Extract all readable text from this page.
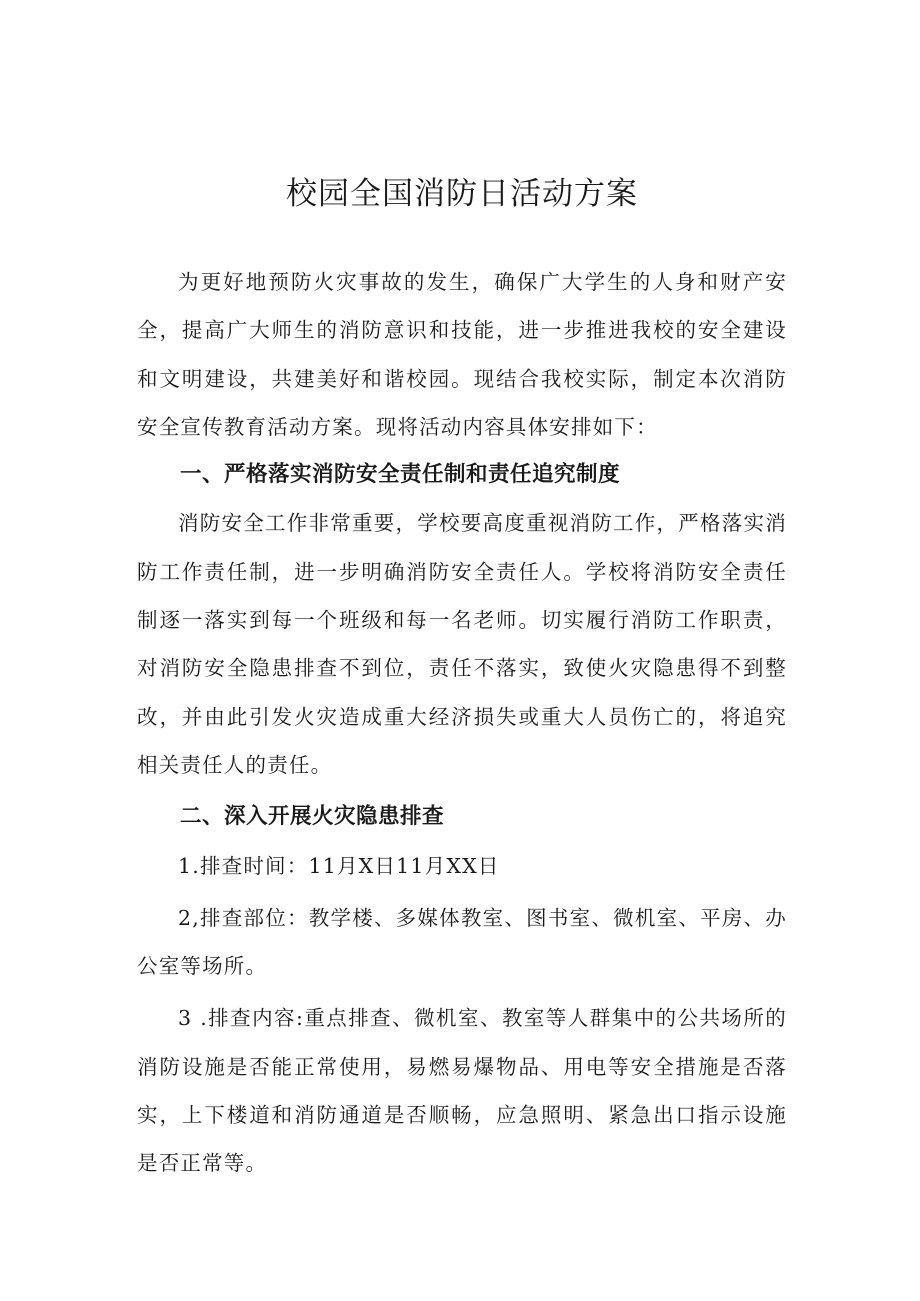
校园全国消防日活动方案

为更好地预防火灾事故的发生，确保广大学生的人身和财产安全，提高广大师生的消防意识和技能，进一步推进我校的安全建设和文明建设，共建美好和谐校园。现结合我校实际，制定本次消防安全宣传教育活动方案。现将活动内容具体安排如下：

一、严格落实消防安全责任制和责任追究制度

消防安全工作非常重要，学校要高度重视消防工作，严格落实消防工作责任制，进一步明确消防安全责任人。学校将消防安全责任制逐一落实到每一个班级和每一名老师。切实履行消防工作职责，对消防安全隐患排查不到位，责任不落实，致使火灾隐患得不到整改，并由此引发火灾造成重大经济损失或重大人员伤亡的，将追究相关责任人的责任。

二、深入开展火灾隐患排查

1.排查时间：11月X日11月XX日

2,排查部位：教学楼、多媒体教室、图书室、微机室、平房、办公室等场所。

3 .排查内容:重点排查、微机室、教室等人群集中的公共场所的消防设施是否能正常使用，易燃易爆物品、用电等安全措施是否落实，上下楼道和消防通道是否顺畅，应急照明、紧急出口指示设施是否正常等。
